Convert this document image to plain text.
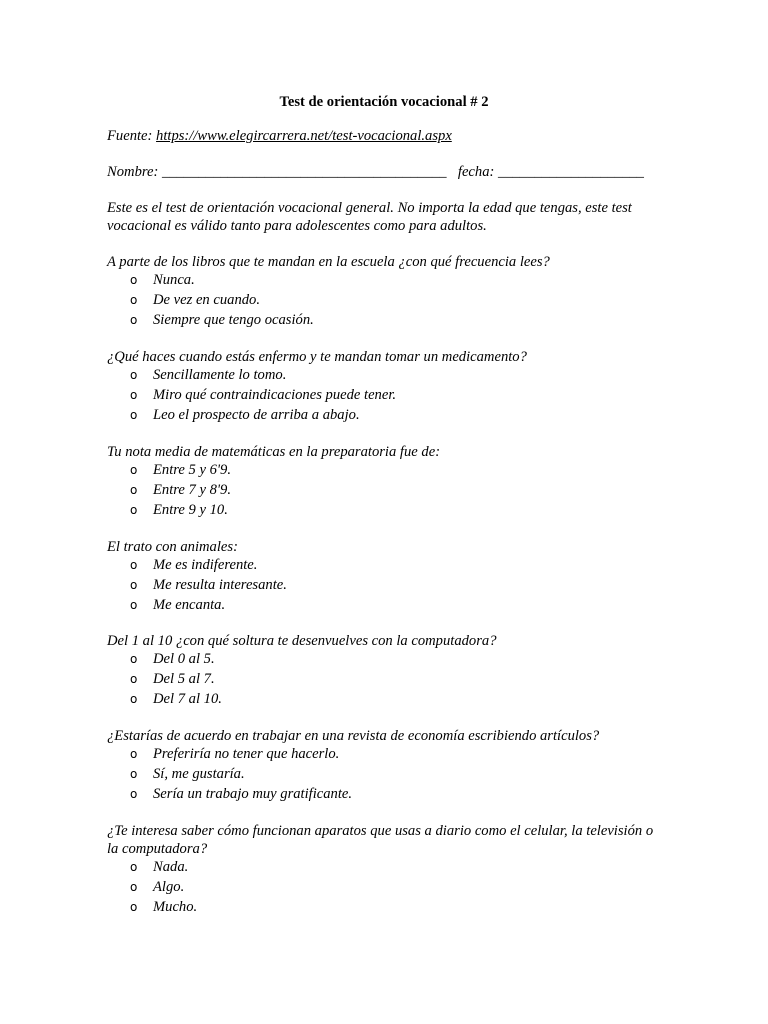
Test de orientación vocacional # 2
Fuente: https://www.elegircarrera.net/test-vocacional.aspx
Nombre: _______________________________________ fecha: ____________________
Este es el test de orientación vocacional general. No importa la edad que tengas, este test vocacional es válido tanto para adolescentes como para adultos.
A parte de los libros que te mandan en la escuela ¿con qué frecuencia lees?
o Nunca.
o De vez en cuando.
o Siempre que tengo ocasión.
¿Qué haces cuando estás enfermo y te mandan tomar un medicamento?
o Sencillamente lo tomo.
o Miro qué contraindicaciones puede tener.
o Leo el prospecto de arriba a abajo.
Tu nota media de matemáticas en la preparatoria fue de:
o Entre 5 y 6'9.
o Entre 7 y 8'9.
o Entre 9 y 10.
El trato con animales:
o Me es indiferente.
o Me resulta interesante.
o Me encanta.
Del 1 al 10 ¿con qué soltura te desenvuelves con la computadora?
o Del 0 al 5.
o Del 5 al 7.
o Del 7 al 10.
¿Estarías de acuerdo en trabajar en una revista de economía escribiendo artículos?
o Preferiría no tener que hacerlo.
o Sí, me gustaría.
o Sería un trabajo muy gratificante.
¿Te interesa saber cómo funcionan aparatos que usas a diario como el celular, la televisión o la computadora?
o Nada.
o Algo.
o Mucho.
